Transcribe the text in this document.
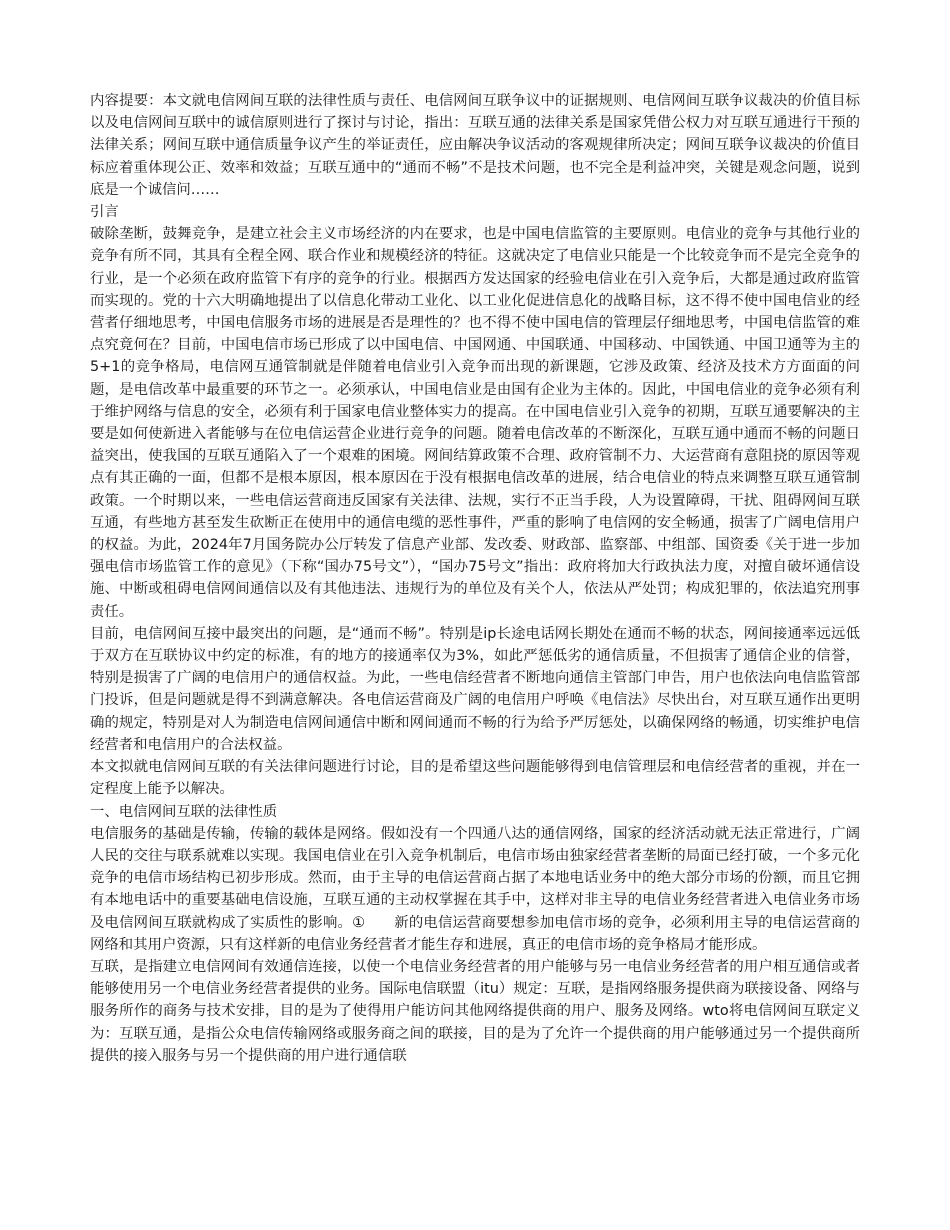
内容提要：本文就电信网间互联的法律性质与责任、电信网间互联争议中的证据规则、电信网间互联争议裁决的价值目标以及电信网间互联中的诚信原则进行了探讨与讨论，指出：互联互通的法律关系是国家凭借公权力对互联互通进行干预的法律关系；网间互联中通信质量争议产生的举证责任，应由解决争议活动的客观规律所决定；网间互联争议裁决的价值目标应着重体现公正、效率和效益；互联互通中的“通而不畅”不是技术问题，也不完全是利益冲突，关键是观念问题，说到底是一个诚信问……

引言

破除垄断，鼓舞竞争，是建立社会主义市场经济的内在要求，也是中国电信监管的主要原则。电信业的竞争与其他行业的竞争有所不同，其具有全程全网、联合作业和规模经济的特征。这就决定了电信业只能是一个比较竞争而不是完全竞争的行业，是一个必须在政府监管下有序的竞争的行业。根据西方发达国家的经验电信业在引入竞争后，大都是通过政府监管而实现的。党的十六大明确地提出了以信息化带动工业化、以工业化促进信息化的战略目标，这不得不使中国电信业的经营者仔细地思考，中国电信服务市场的进展是否是理性的？也不得不使中国电信的管理层仔细地思考，中国电信监管的难点究竟何在？目前，中国电信市场已形成了以中国电信、中国网通、中国联通、中国移动、中国铁通、中国卫通等为主的5+1的竞争格局，电信网互通管制就是伴随着电信业引入竞争而出现的新课题，它涉及政策、经济及技术方方面面的问题，是电信改革中最重要的环节之一。必须承认，中国电信业是由国有企业为主体的。因此，中国电信业的竞争必须有利于维护网络与信息的安全，必须有利于国家电信业整体实力的提高。在中国电信业引入竞争的初期，互联互通要解决的主要是如何使新进入者能够与在位电信运营企业进行竞争的问题。随着电信改革的不断深化，互联互通中通而不畅的问题日益突出，使我国的互联互通陷入了一个艰难的困境。网间结算政策不合理、政府管制不力、大运营商有意阻挠的原因等观点有其正确的一面，但都不是根本原因，根本原因在于没有根据电信改革的进展，结合电信业的特点来调整互联互通管制政策。一个时期以来，一些电信运营商违反国家有关法律、法规，实行不正当手段，人为设置障碍，干扰、阻碍网间互联互通，有些地方甚至发生砍断正在使用中的通信电缆的恶性事件，严重的影响了电信网的安全畅通，损害了广阔电信用户的权益。为此，2024年7月国务院办公厅转发了信息产业部、发改委、财政部、监察部、中组部、国资委《关于进一步加强电信市场监管工作的意见》（下称“国办75号文”），“国办75号文”指出：政府将加大行政执法力度，对擅自破坏通信设施、中断或租碍电信网间通信以及有其他违法、违规行为的单位及有关个人，依法从严处罚；构成犯罪的，依法追究刑事责任。

目前，电信网间互接中最突出的问题，是“通而不畅”。特别是ip长途电话网长期处在通而不畅的状态，网间接通率远远低于双方在互联协议中约定的标准，有的地方的接通率仅为3%，如此严惩低劣的通信质量，不但损害了通信企业的信誉，特别是损害了广阔的电信用户的通信权益。为此，一些电信经营者不断地向通信主管部门申告，用户也依法向电信监管部门投诉，但是问题就是得不到满意解决。各电信运营商及广阔的电信用户呼唤《电信法》尽快出台，对互联互通作出更明确的规定，特别是对人为制造电信网间通信中断和网间通而不畅的行为给予严厉惩处，以确保网络的畅通，切实维护电信经营者和电信用户的合法权益。

本文拟就电信网间互联的有关法律问题进行讨论，目的是希望这些问题能够得到电信管理层和电信经营者的重视，并在一定程度上能予以解决。

一、电信网间互联的法律性质

电信服务的基础是传输，传输的载体是网络。假如没有一个四通八达的通信网络，国家的经济活动就无法正常进行，广阔人民的交往与联系就难以实现。我国电信业在引入竞争机制后，电信市场由独家经营者垄断的局面已经打破，一个多元化竞争的电信市场结构已初步形成。然而，由于主导的电信运营商占据了本地电话业务中的绝大部分市场的份额，而且它拥有本地电话中的重要基础电信设施，互联互通的主动权掌握在其手中，这样对非主导的电信业务经营者进入电信业务市场及电信网间互联就构成了实质性的影响。①　　新的电信运营商要想参加电信市场的竞争，必须利用主导的电信运营商的网络和其用户资源，只有这样新的电信业务经营者才能生存和进展，真正的电信市场的竞争格局才能形成。

互联，是指建立电信网间有效通信连接，以使一个电信业务经营者的用户能够与另一电信业务经营者的用户相互通信或者能够使用另一个电信业务经营者提供的业务。国际电信联盟（itu）规定：互联，是指网络服务提供商为联接设备、网络与服务所作的商务与技术安排，目的是为了使得用户能访问其他网络提供商的用户、服务及网络。wto将电信网间互联定义为：互联互通，是指公众电信传输网络或服务商之间的联接，目的是为了允许一个提供商的用户能够通过另一个提供商所提供的接入服务与另一个提供商的用户进行通信联
